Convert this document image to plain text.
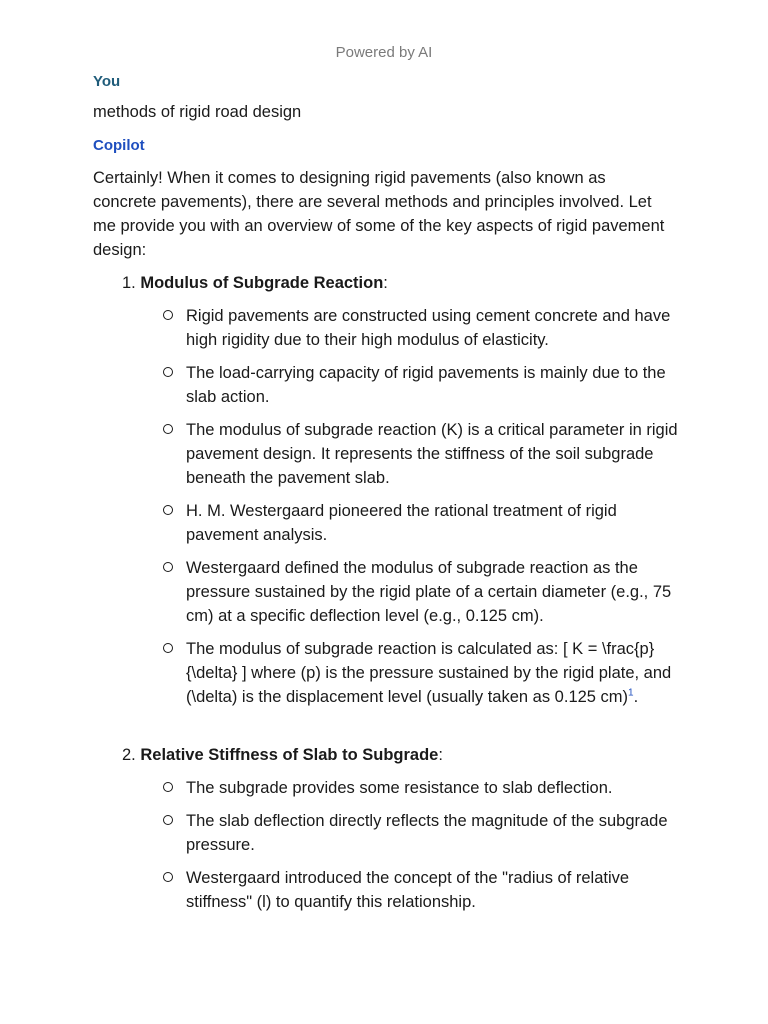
Powered by AI
You
methods of rigid road design
Copilot
Certainly! When it comes to designing rigid pavements (also known as concrete pavements), there are several methods and principles involved. Let me provide you with an overview of some of the key aspects of rigid pavement design:
1. Modulus of Subgrade Reaction:
Rigid pavements are constructed using cement concrete and have high rigidity due to their high modulus of elasticity.
The load-carrying capacity of rigid pavements is mainly due to the slab action.
The modulus of subgrade reaction (K) is a critical parameter in rigid pavement design. It represents the stiffness of the soil subgrade beneath the pavement slab.
H. M. Westergaard pioneered the rational treatment of rigid pavement analysis.
Westergaard defined the modulus of subgrade reaction as the pressure sustained by the rigid plate of a certain diameter (e.g., 75 cm) at a specific deflection level (e.g., 0.125 cm).
The modulus of subgrade reaction is calculated as: [ K = \frac{p}{\delta} ] where (p) is the pressure sustained by the rigid plate, and (\delta) is the displacement level (usually taken as 0.125 cm)$^1$.
2. Relative Stiffness of Slab to Subgrade:
The subgrade provides some resistance to slab deflection.
The slab deflection directly reflects the magnitude of the subgrade pressure.
Westergaard introduced the concept of the "radius of relative stiffness" (l) to quantify this relationship.
